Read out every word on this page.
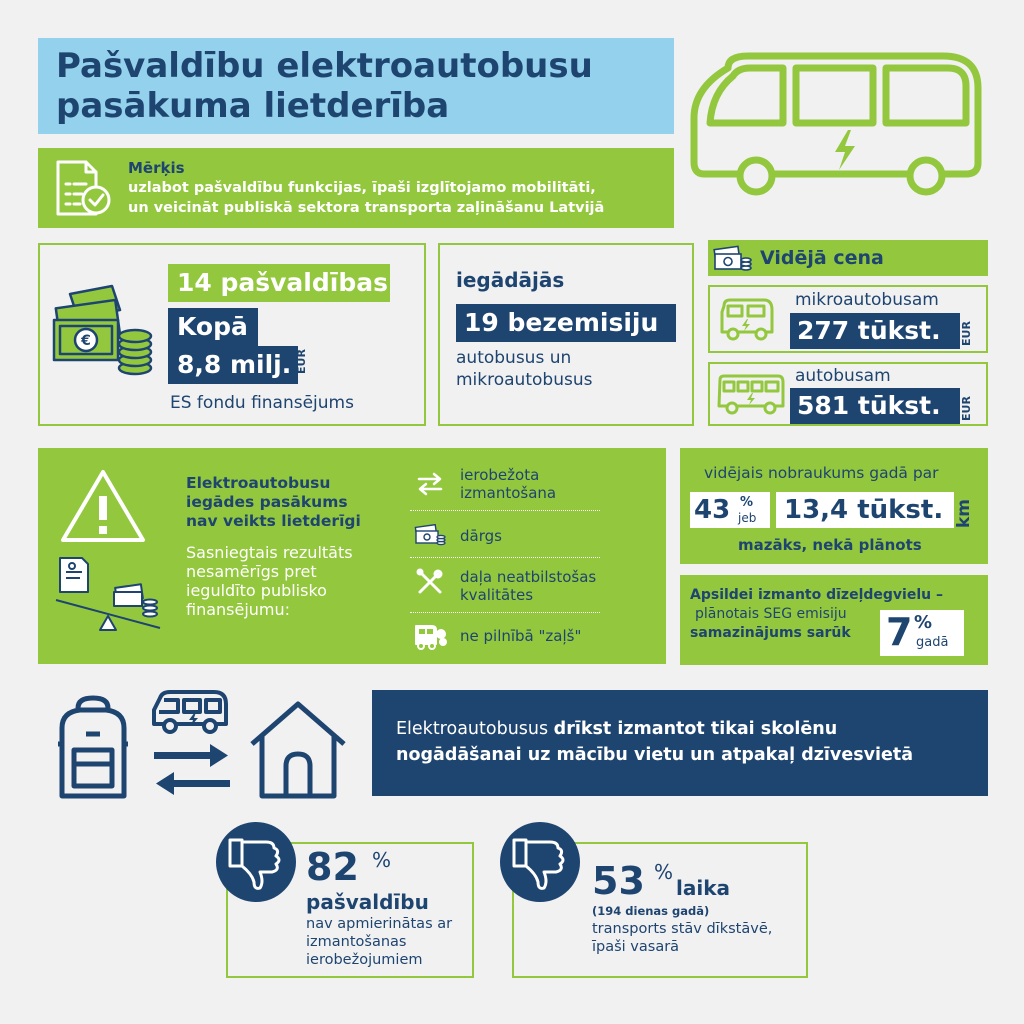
Pašvaldību elektroautobusu
pasākuma lietderība
Mērķis
uzlabot pašvaldību funkcijas, īpaši izglītojamo mobilitāti,
un veicināt publiskā sektora transporta zaļināšanu Latvijā
€
14 pašvaldības
Kopā
8,8 milj. EUR
ES fondu finansējums
iegādājās
19 bezemisiju
autobusus un
mikroautobusus
Vidējā cena
mikroautobusam
277 tūkst. EUR
autobusam
581 tūkst. EUR
Elektroautobusu
iegādes pasākums
nav veikts lietderīgi
Sasniegtais rezultāts
nesamērīgs pret
ieguldīto publisko
finansējumu:
ierobežota
izmantošana
dārgs
daļa neatbilstošas
kvalitātes
ne pilnībā "zaļš"
vidējais nobraukums gadā par
43 %
jeb 13,4 tūkst. km
mazāks, nekā plānots
Apsildei izmanto dīzeļdegvielu –
plānotais SEG emisiju
samazinājums sarūk 7 %
gadā
Elektroautobusus drīkst izmantot tikai skolēnu
nogādāšanai uz mācību vietu un atpakaļ dzīvesvietā
82 %
pašvaldību
nav apmierinātas ar
izmantošanas
ierobežojumiem
53 %
laika
(194 dienas gadā)
transports stāv dīkstāvē,
īpaši vasarā
